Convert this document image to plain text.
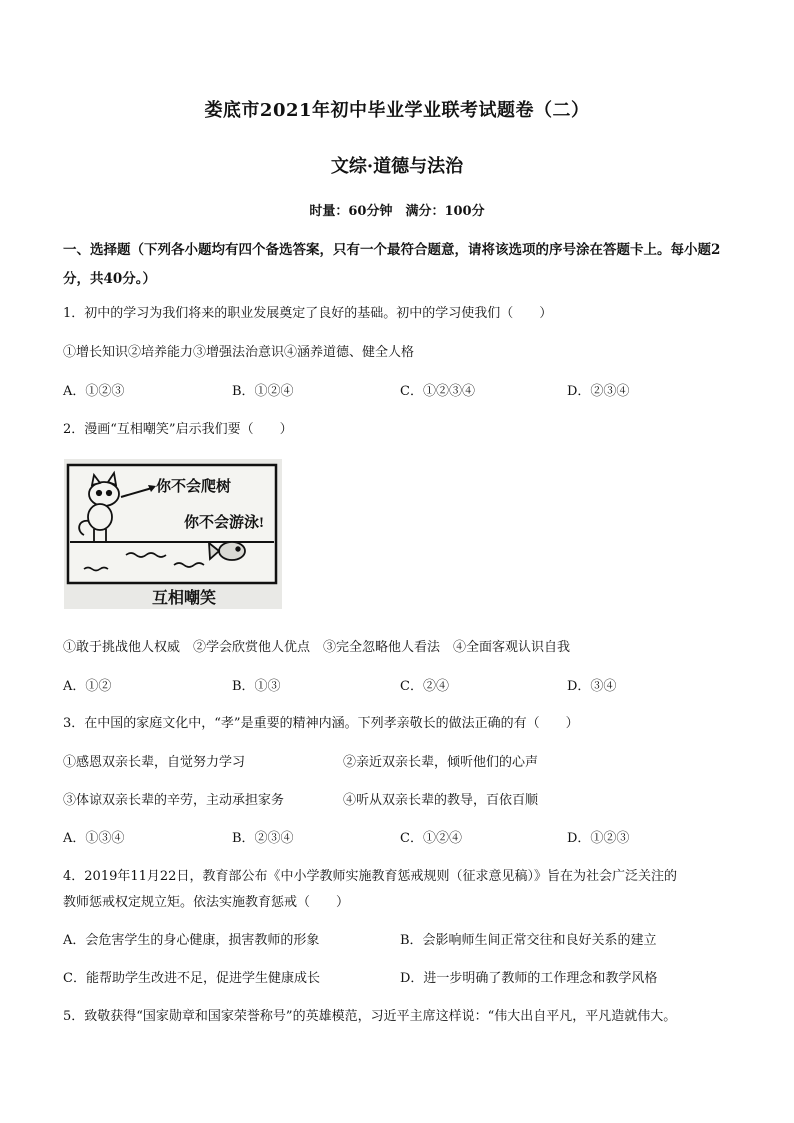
娄底市2021年初中毕业学业联考试题卷（二）
文综·道德与法治
时量：60分钟　满分：100分
一、选择题（下列各小题均有四个备选答案，只有一个最符合题意，请将该选项的序号涂在答题卡上。每小题2分，共40分。）
1．初中的学习为我们将来的职业发展奠定了良好的基础。初中的学习使我们（　　）
①增长知识②培养能力③增强法治意识④涵养道德、健全人格
A．①②③	B．①②④	C．①②③④	D．②③④
2．漫画“互相嘲笑”启示我们要（　　）
你不会爬树
你不会游泳!
互相嘲笑
①敢于挑战他人权威　②学会欣赏他人优点　③完全忽略他人看法　④全面客观认识自我
A．①②	B．①③	C．②④	D．③④
3．在中国的家庭文化中，“孝”是重要的精神内涵。下列孝亲敬长的做法正确的有（　　）
①感恩双亲长辈，自觉努力学习	②亲近双亲长辈，倾听他们的心声
③体谅双亲长辈的辛劳，主动承担家务	④听从双亲长辈的教导，百依百顺
A．①③④	B．②③④	C．①②④	D．①②③
4．2019年11月22日，教育部公布《中小学教师实施教育惩戒规则（征求意见稿）》旨在为社会广泛关注的
教师惩戒权定规立矩。依法实施教育惩戒（　　）
A．会危害学生的身心健康，损害教师的形象	B．会影响师生间正常交往和良好关系的建立
C．能帮助学生改进不足，促进学生健康成长	D．进一步明确了教师的工作理念和教学风格
5．致敬获得“国家勋章和国家荣誉称号”的英雄模范，习近平主席这样说：“伟大出自平凡，平凡造就伟大。
